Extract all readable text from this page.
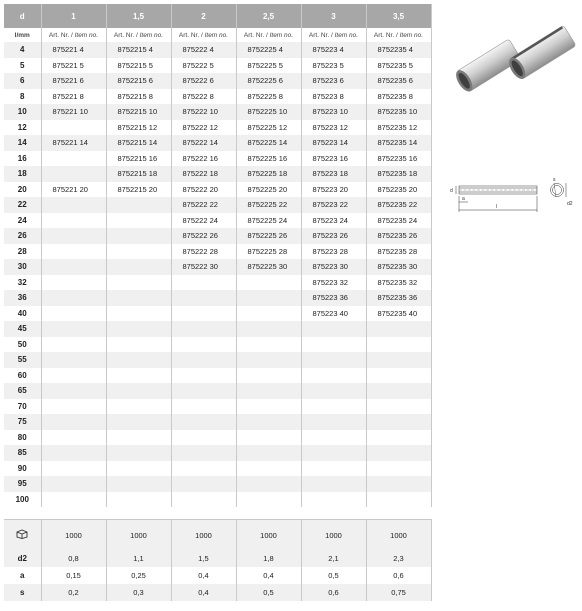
d	1	1,5	2	2,5	3	3,5
l/mm	Art. Nr. / Item no.	Art. Nr. / Item no.	Art. Nr. / Item no.	Art. Nr. / Item no.	Art. Nr. / Item no.	Art. Nr. / Item no.
4	875221 4	8752215 4	875222 4	8752225 4	875223 4	8752235 4
5	875221 5	8752215 5	875222 5	8752225 5	875223 5	8752235 5
6	875221 6	8752215 6	875222 6	8752225 6	875223 6	8752235 6
8	875221 8	8752215 8	875222 8	8752225 8	875223 8	8752235 8
10	875221 10	8752215 10	875222 10	8752225 10	875223 10	8752235 10
12		8752215 12	875222 12	8752225 12	875223 12	8752235 12
14	875221 14	8752215 14	875222 14	8752225 14	875223 14	8752235 14
16		8752215 16	875222 16	8752225 16	875223 16	8752235 16
18		8752215 18	875222 18	8752225 18	875223 18	8752235 18
20	875221 20	8752215 20	875222 20	8752225 20	875223 20	8752235 20
22			875222 22	8752225 22	875223 22	8752235 22
24			875222 24	8752225 24	875223 24	8752235 24
26			875222 26	8752225 26	875223 26	8752235 26
28			875222 28	8752225 28	875223 28	8752235 28
30			875222 30	8752225 30	875223 30	8752235 30
32					875223 32	8752235 32
36					875223 36	8752235 36
40					875223 40	8752235 40
45						
50						
55						
60						
65						
70						
75						
80						
85						
90						
95						
100						
	1000	1000	1000	1000	1000	1000
d2	0,8	1,1	1,5	1,8	2,1	2,3
a	0,15	0,25	0,4	0,4	0,5	0,6
s	0,2	0,3	0,4	0,5	0,6	0,75
d
a
s
d2
l
